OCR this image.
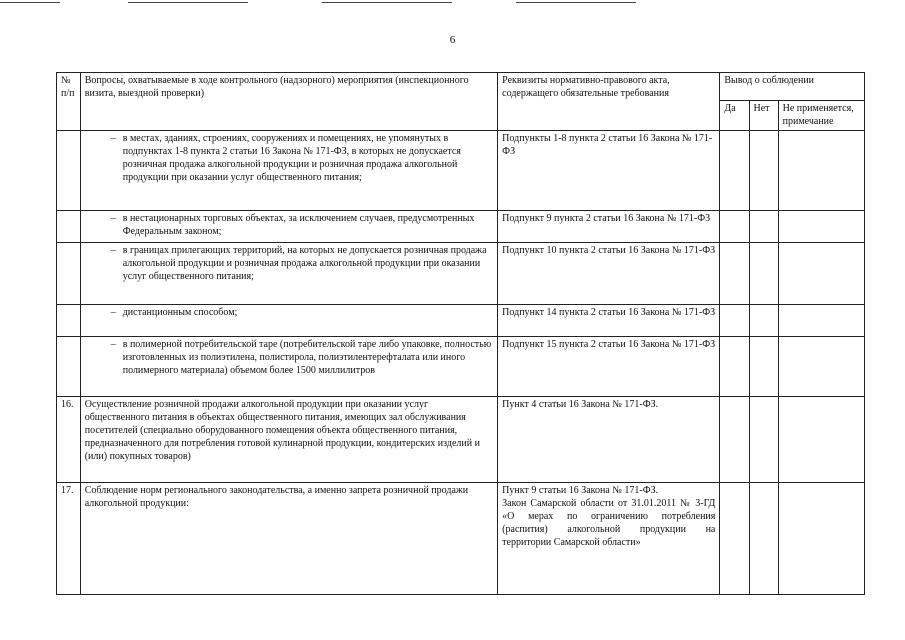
6
№ п/п	Вопросы, охватываемые в ходе контрольного (надзорного) мероприятия (инспекционного визита, выездной проверки)	Реквизиты нормативно-правового акта, содержащего обязательные требования	Вывод о соблюдении		
			Да	Нет	Не применяется, примечание
	– в местах, зданиях, строениях, сооружениях и помещениях, не упомянутых в подпунктах 1-8 пункта 2 статьи 16 Закона № 171-ФЗ, в которых не допускается розничная продажа алкогольной продукции и розничная продажа алкогольной продукции при оказании услуг общественного питания;	Подпункты 1-8 пункта 2 статьи 16 Закона № 171-ФЗ			
	– в нестационарных торговых объектах, за исключением случаев, предусмотренных Федеральным законом;	Подпункт 9 пункта 2 статьи 16 Закона № 171-ФЗ			
	– в границах прилегающих территорий, на которых не допускается розничная продажа алкогольной продукции и розничная продажа алкогольной продукции при оказании услуг общественного питания;	Подпункт 10 пункта 2 статьи 16 Закона № 171-ФЗ			
	– дистанционным способом;	Подпункт 14 пункта 2 статьи 16 Закона № 171-ФЗ			
	– в полимерной потребительской таре (потребительской таре либо упаковке, полностью изготовленных из полиэтилена, полистирола, полиэтилентерефталата или иного полимерного материала) объемом более 1500 миллилитров	Подпункт 15 пункта 2 статьи 16 Закона № 171-ФЗ			
16.	Осуществление розничной продажи алкогольной продукции при оказании услуг общественного питания в объектах общественного питания, имеющих зал обслуживания посетителей (специально оборудованного помещения объекта общественного питания, предназначенного для потребления готовой кулинарной продукции, кондитерских изделий и (или) покупных товаров)	Пункт 4 статьи 16 Закона № 171-ФЗ.			
17.	Соблюдение норм регионального законодательства, а именно запрета розничной продажи алкогольной продукции:	Пункт 9 статьи 16 Закона № 171-ФЗ.
Закон Самарской области от 31.01.2011 № 3-ГД «О мерах по ограничению потребления (распития) алкогольной продукции на территории Самарской области»			
